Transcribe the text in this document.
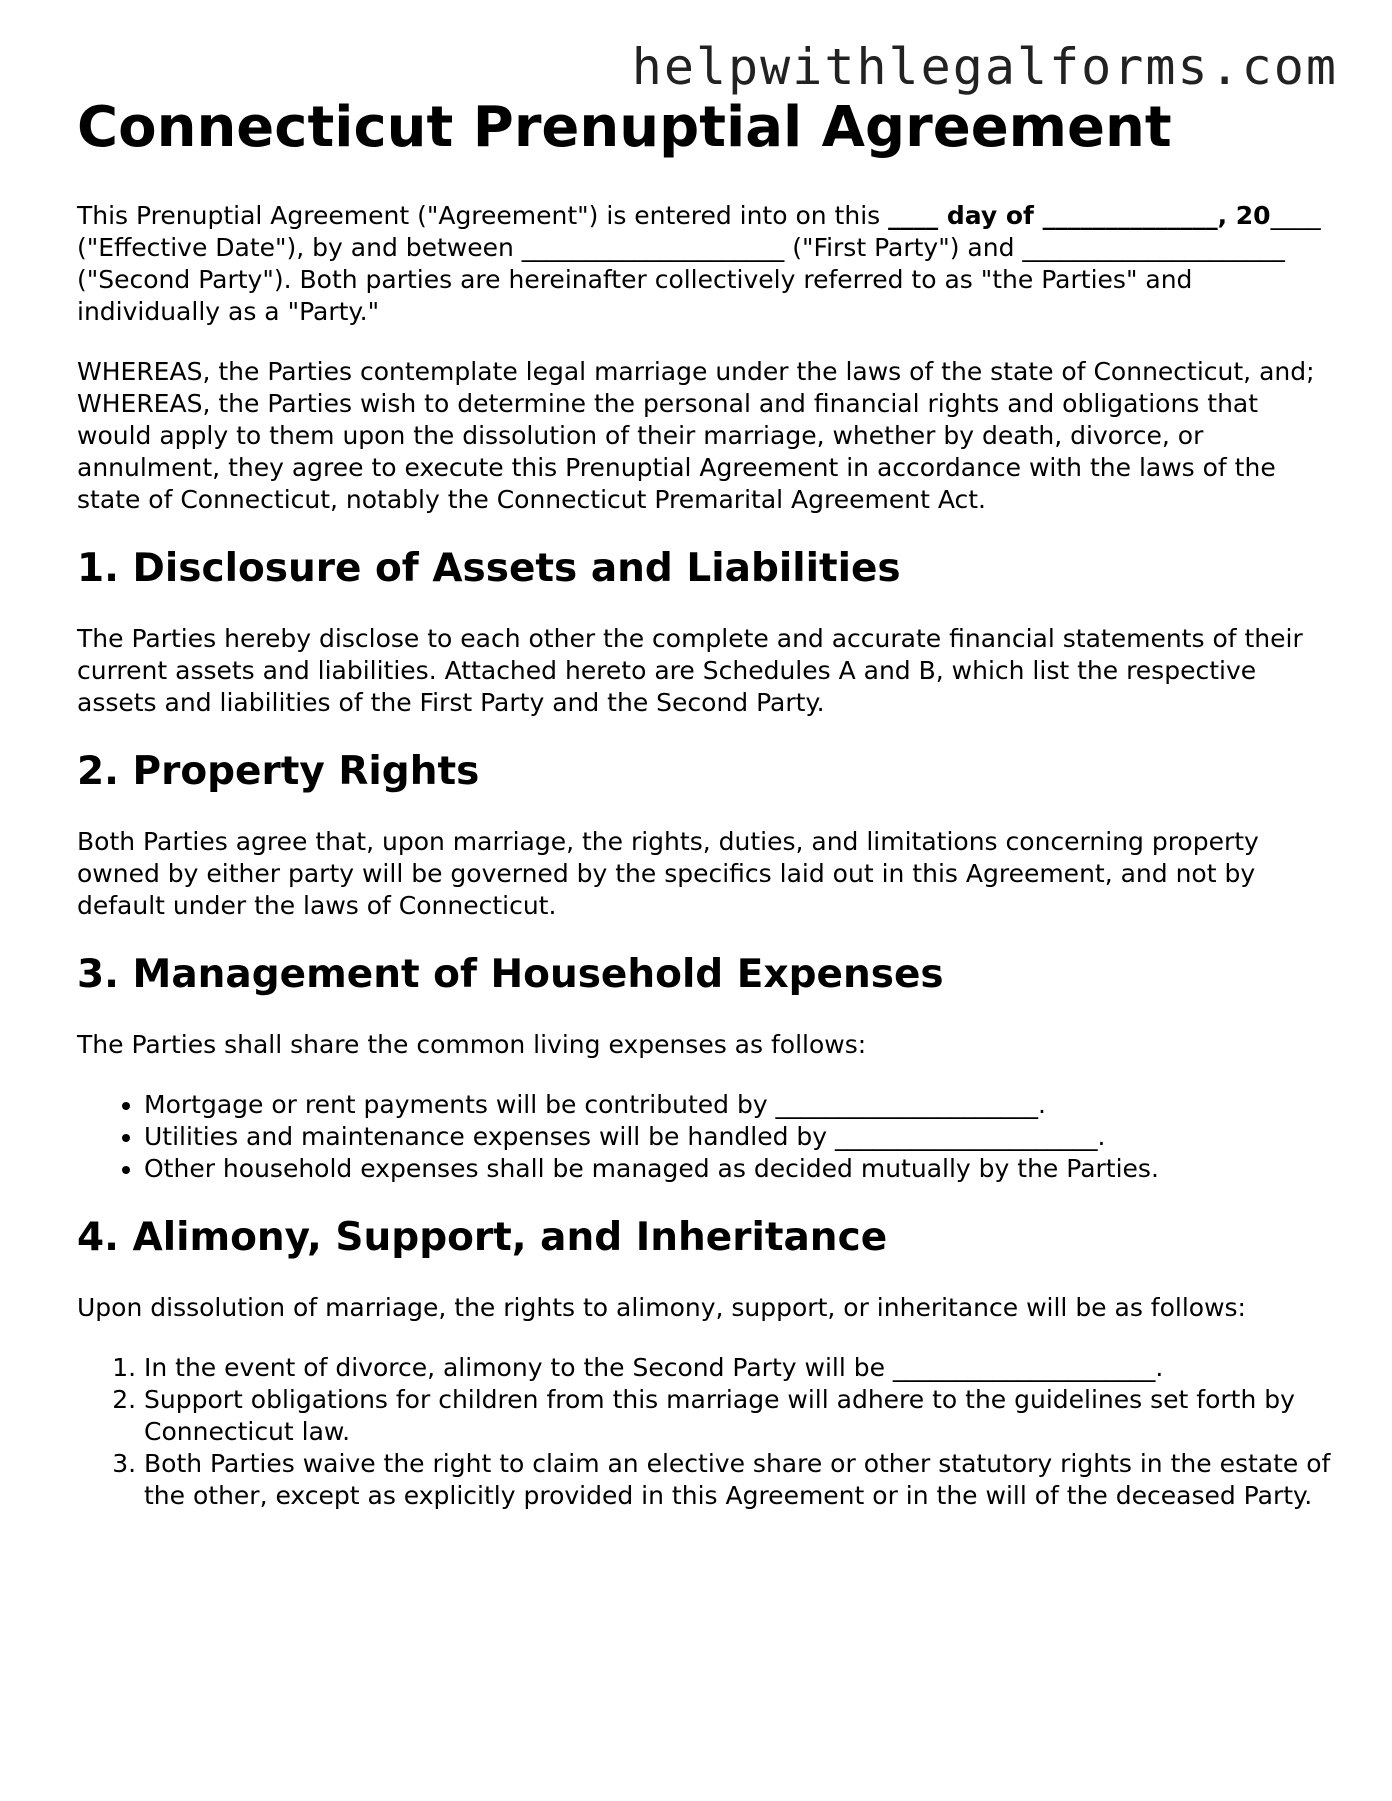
helpwithlegalforms.com
Connecticut Prenuptial Agreement

This Prenuptial Agreement ("Agreement") is entered into on this ____ day of ______________, 20____ ("Effective Date"), by and between _____________________ ("First Party") and _____________________ ("Second Party"). Both parties are hereinafter collectively referred to as "the Parties" and individually as a "Party."

WHEREAS, the Parties contemplate legal marriage under the laws of the state of Connecticut, and;

WHEREAS, the Parties wish to determine the personal and financial rights and obligations that would apply to them upon the dissolution of their marriage, whether by death, divorce, or annulment, they agree to execute this Prenuptial Agreement in accordance with the laws of the state of Connecticut, notably the Connecticut Premarital Agreement Act.

1. Disclosure of Assets and Liabilities

The Parties hereby disclose to each other the complete and accurate financial statements of their current assets and liabilities. Attached hereto are Schedules A and B, which list the respective assets and liabilities of the First Party and the Second Party.

2. Property Rights

Both Parties agree that, upon marriage, the rights, duties, and limitations concerning property owned by either party will be governed by the specifics laid out in this Agreement, and not by default under the laws of Connecticut.

3. Management of Household Expenses

The Parties shall share the common living expenses as follows:

• Mortgage or rent payments will be contributed by _____________________.
• Utilities and maintenance expenses will be handled by _____________________.
• Other household expenses shall be managed as decided mutually by the Parties.
4. Alimony, Support, and Inheritance

Upon dissolution of marriage, the rights to alimony, support, or inheritance will be as follows:

1. In the event of divorce, alimony to the Second Party will be _____________________.
2. Support obligations for children from this marriage will adhere to the guidelines set forth by Connecticut law.
3. Both Parties waive the right to claim an elective share or other statutory rights in the estate of the other, except as explicitly provided in this Agreement or in the will of the deceased Party.
